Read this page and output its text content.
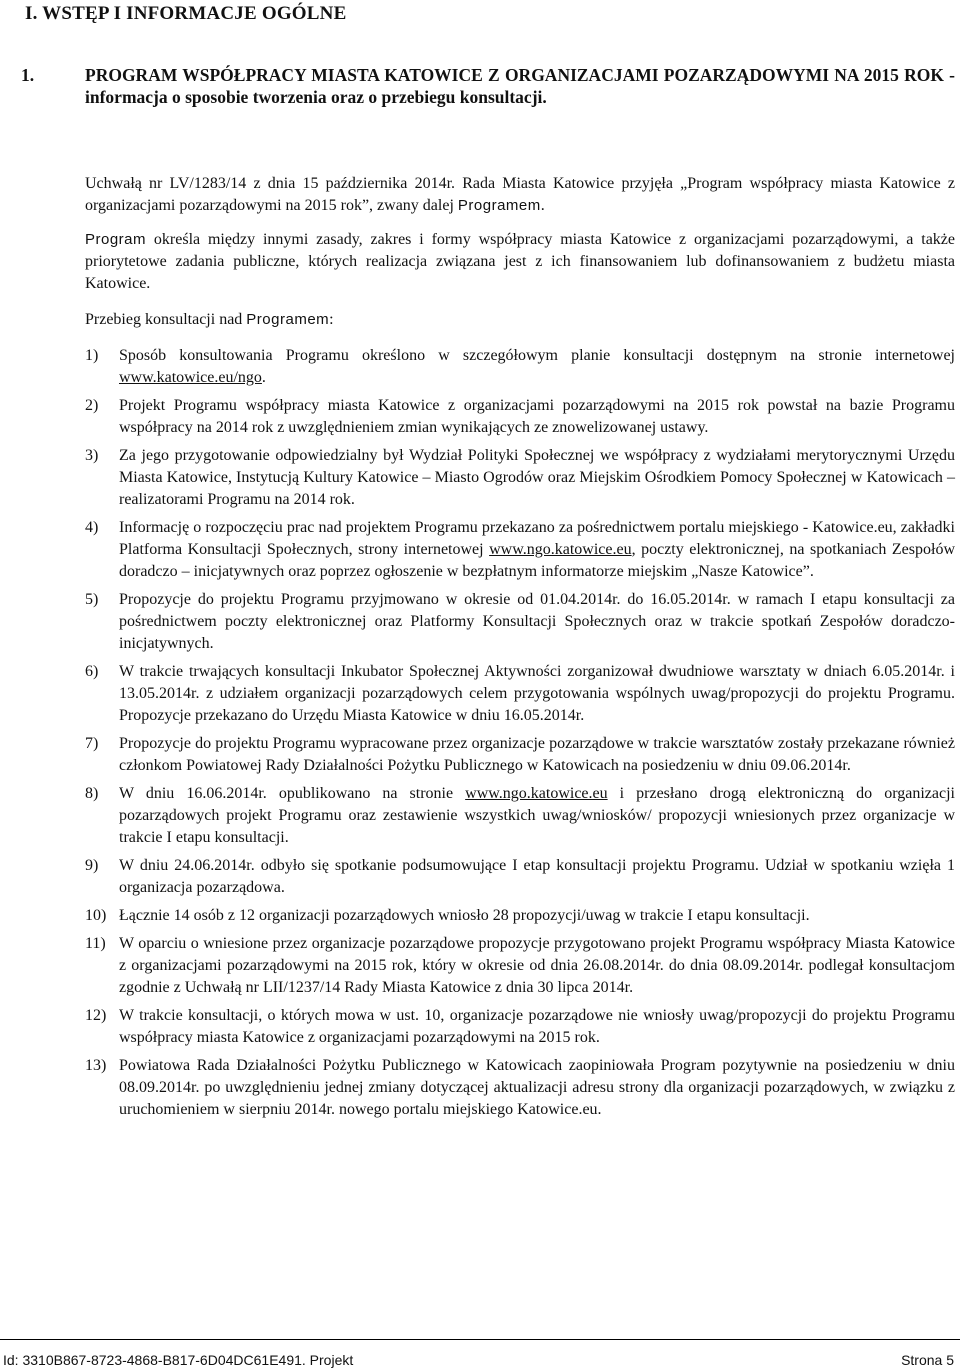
I. WSTĘP I INFORMACJE OGÓLNE
1.	PROGRAM WSPÓŁPRACY MIASTA KATOWICE Z ORGANIZACJAMI POZARZĄDOWYMI NA 2015 ROK - informacja o sposobie tworzenia oraz o przebiegu konsultacji.
Uchwałą nr LV/1283/14 z dnia 15 października 2014r. Rada Miasta Katowice przyjęła „Program współpracy miasta Katowice z organizacjami pozarządowymi na 2015 rok”, zwany dalej Programem.
Program określa między innymi zasady, zakres i formy współpracy miasta Katowice z organizacjami pozarządowymi, a także priorytetowe zadania publiczne, których realizacja związana jest z ich finansowaniem lub dofinansowaniem z budżetu miasta Katowice.
Przebieg konsultacji nad Programem:
1) Sposób konsultowania Programu określono w szczegółowym planie konsultacji dostępnym na stronie internetowej www.katowice.eu/ngo.
2) Projekt Programu współpracy miasta Katowice z organizacjami pozarządowymi na 2015 rok powstał na bazie Programu współpracy na 2014 rok z uwzględnieniem zmian wynikających ze znowelizowanej ustawy.
3) Za jego przygotowanie odpowiedzialny był Wydział Polityki Społecznej we współpracy z wydziałami merytorycznymi Urzędu Miasta Katowice, Instytucją Kultury Katowice – Miasto Ogrodów oraz Miejskim Ośrodkiem Pomocy Społecznej w Katowicach – realizatorami Programu na 2014 rok.
4) Informację o rozpoczęciu prac nad projektem Programu przekazano za pośrednictwem portalu miejskiego - Katowice.eu, zakładki Platforma Konsultacji Społecznych, strony internetowej www.ngo.katowice.eu, poczty elektronicznej, na spotkaniach Zespołów doradczo – inicjatywnych oraz poprzez ogłoszenie w bezpłatnym informatorze miejskim „Nasze Katowice”.
5) Propozycje do projektu Programu przyjmowano w okresie od 01.04.2014r. do 16.05.2014r. w ramach I etapu konsultacji za pośrednictwem poczty elektronicznej oraz Platformy Konsultacji Społecznych oraz w trakcie spotkań Zespołów doradczo-inicjatywnych.
6) W trakcie trwających konsultacji Inkubator Społecznej Aktywności zorganizował dwudniowe warsztaty w dniach 6.05.2014r. i 13.05.2014r. z udziałem organizacji pozarządowych celem przygotowania wspólnych uwag/propozycji do projektu Programu. Propozycje przekazano do Urzędu Miasta Katowice w dniu 16.05.2014r.
7) Propozycje do projektu Programu wypracowane przez organizacje pozarządowe w trakcie warsztatów zostały przekazane również członkom Powiatowej Rady Działalności Pożytku Publicznego w Katowicach na posiedzeniu w dniu 09.06.2014r.
8) W dniu 16.06.2014r. opublikowano na stronie www.ngo.katowice.eu i przesłano drogą elektroniczną do organizacji pozarządowych projekt Programu oraz zestawienie wszystkich uwag/wniosków/ propozycji wniesionych przez organizacje w trakcie I etapu konsultacji.
9) W dniu 24.06.2014r. odbyło się spotkanie podsumowujące I etap konsultacji projektu Programu. Udział w spotkaniu wzięła 1 organizacja pozarządowa.
10) Łącznie 14 osób z 12 organizacji pozarządowych wniosło 28 propozycji/uwag w trakcie I etapu konsultacji.
11) W oparciu o wniesione przez organizacje pozarządowe propozycje przygotowano projekt Programu współpracy Miasta Katowice z organizacjami pozarządowymi na 2015 rok, który w okresie od dnia 26.08.2014r. do dnia 08.09.2014r. podlegał konsultacjom zgodnie z Uchwałą nr LII/1237/14 Rady Miasta Katowice z dnia 30 lipca 2014r.
12) W trakcie konsultacji, o których mowa w ust. 10, organizacje pozarządowe nie wniosły uwag/propozycji do projektu Programu współpracy miasta Katowice z organizacjami pozarządowymi na 2015 rok.
13) Powiatowa Rada Działalności Pożytku Publicznego w Katowicach zaopiniowała Program pozytywnie na posiedzeniu w dniu 08.09.2014r. po uwzględnieniu jednej zmiany dotyczącej aktualizacji adresu strony dla organizacji pozarządowych, w związku z uruchomieniem w sierpniu 2014r. nowego portalu miejskiego Katowice.eu.
Id: 3310B867-8723-4868-B817-6D04DC61E491. Projekt	Strona 5
